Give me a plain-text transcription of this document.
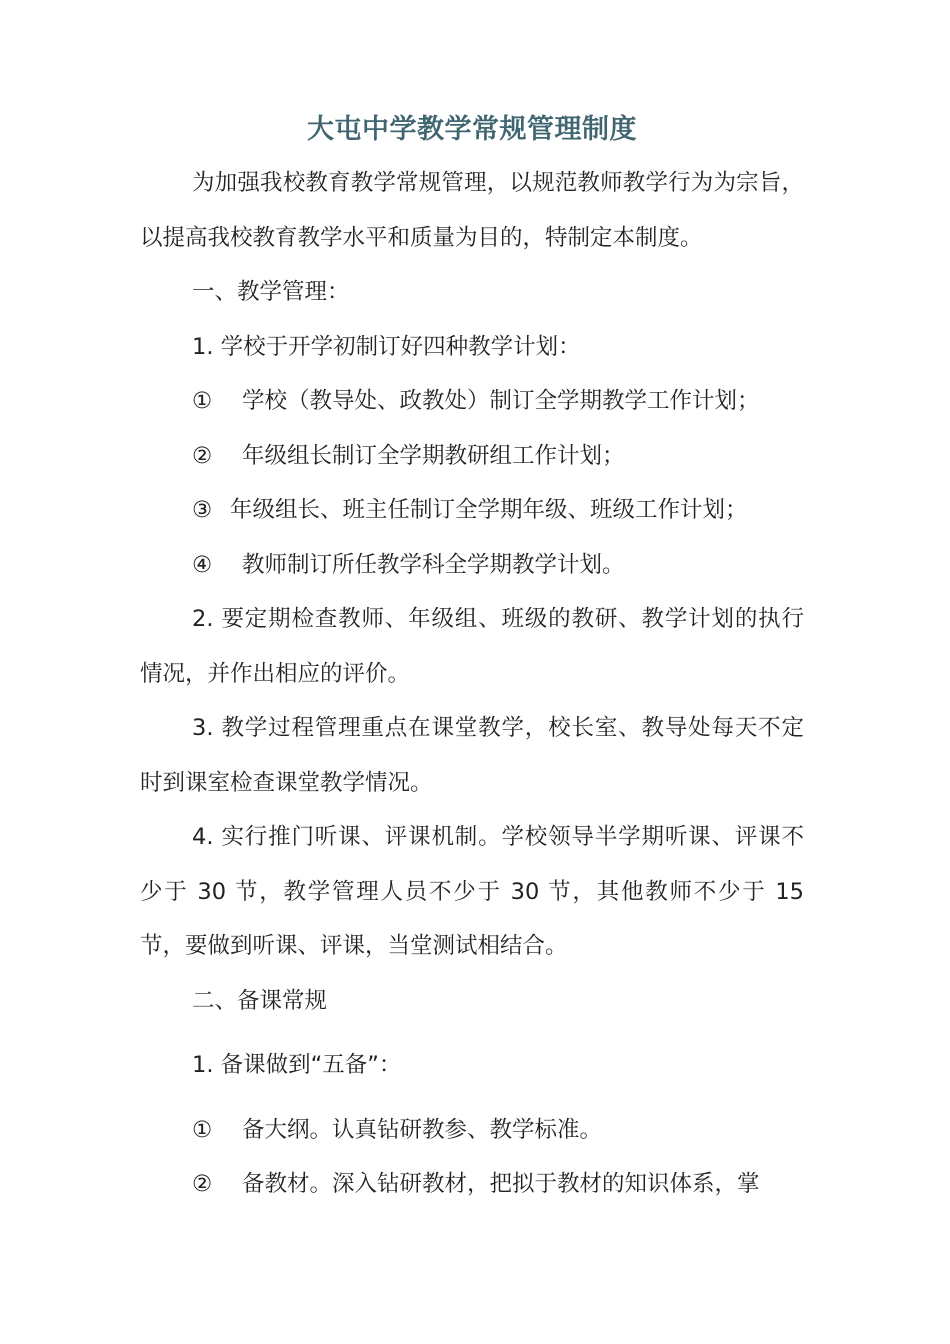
大屯中学教学常规管理制度

为加强我校教育教学常规管理，以规范教师教学行为为宗旨，以提高我校教育教学水平和质量为目的，特制定本制度。

一、教学管理：

1. 学校于开学初制订好四种教学计划：

① 学校（教导处、政教处）制订全学期教学工作计划；
② 年级组长制订全学期教研组工作计划；
③ 年级组长、班主任制订全学期年级、班级工作计划；
④ 教师制订所任教学科全学期教学计划。

2. 要定期检查教师、年级组、班级的教研、教学计划的执行情况，并作出相应的评价。

3. 教学过程管理重点在课堂教学，校长室、教导处每天不定时到课室检查课堂教学情况。

4. 实行推门听课、评课机制。学校领导半学期听课、评课不少于 30 节，教学管理人员不少于 30 节，其他教师不少于 15 节，要做到听课、评课，当堂测试相结合。

二、备课常规

1. 备课做到“五备”：

① 备大纲。认真钻研教参、教学标准。
② 备教材。深入钻研教材，把拟于教材的知识体系，掌
